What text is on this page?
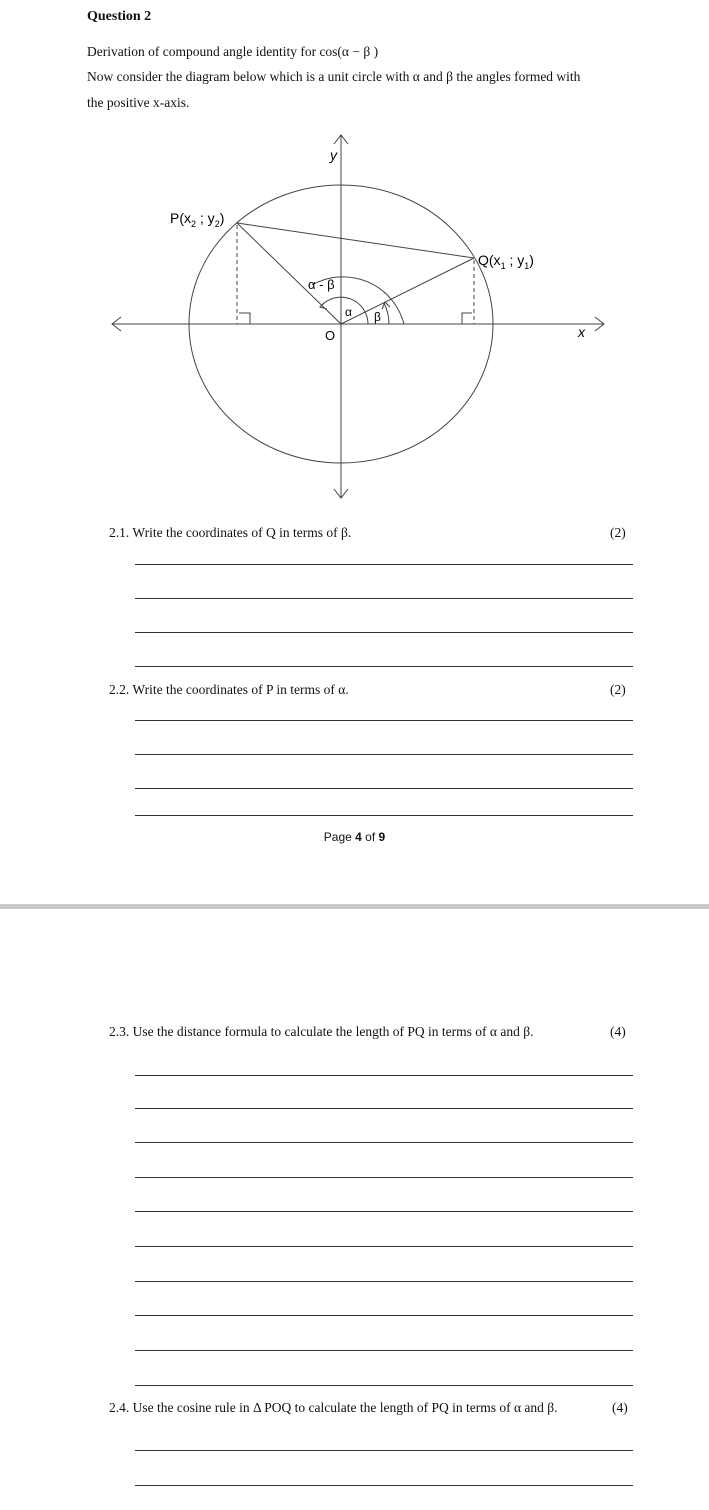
Question 2
Derivation of compound angle identity for cos(α − β )
Now consider the diagram below which is a unit circle with α and β the angles formed with
the positive x-axis.
y
x
O
$P(x_2$ ; $y_2$)
$Q(x_1$ ; $y_1$)
α - β
α β
2.1. Write the coordinates of Q in terms of β.	(2)
2.2. Write the coordinates of P in terms of α.	(2)
Page 4 of 9
2.3. Use the distance formula to calculate the length of PQ in terms of α and β.	(4)
2.4. Use the cosine rule in Δ POQ to calculate the length of PQ in terms of α and β.	(4)
